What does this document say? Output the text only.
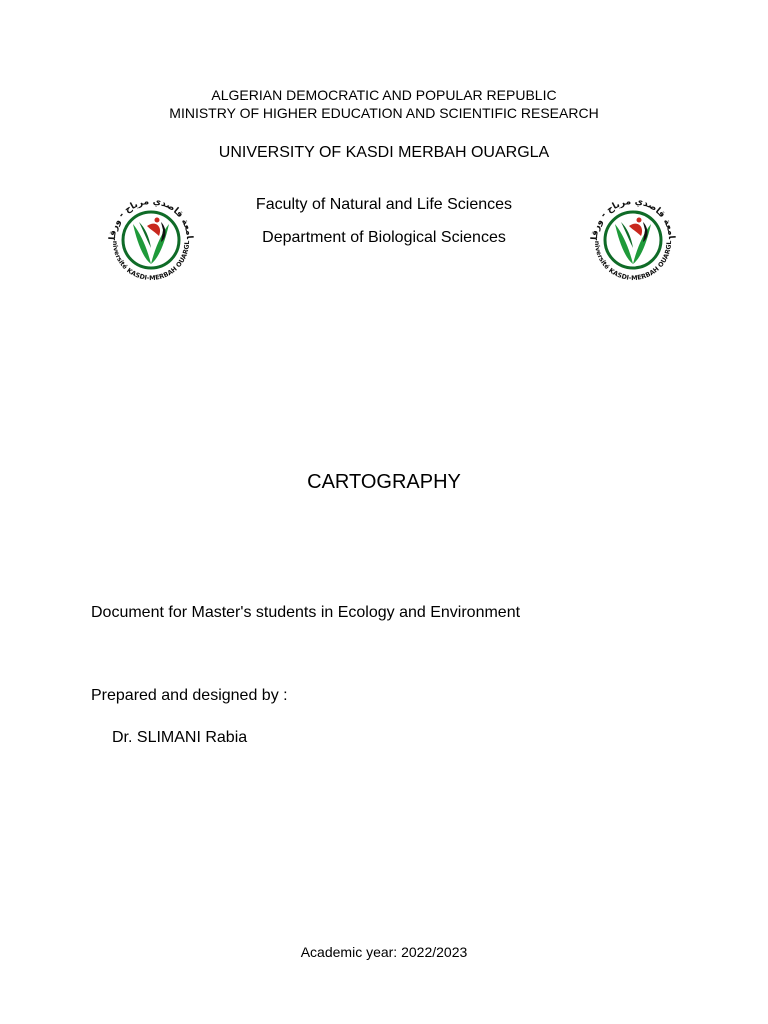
ALGERIAN DEMOCRATIC AND POPULAR REPUBLIC
MINISTRY OF HIGHER EDUCATION AND SCIENTIFIC RESEARCH
UNIVERSITY OF KASDI MERBAH OUARGLA
امعة قاصدي مرباح - ورقل
niversité KASDI-MERBAH OUARGL
Faculty of Natural and Life Sciences
Department of Biological Sciences	امعة قاصدي مرباح - ورقل
niversité KASDI-MERBAH OUARGL
CARTOGRAPHY
Document for Master's students in Ecology and Environment
Prepared and designed by :
Dr. SLIMANI Rabia
Academic year: 2022/2023
